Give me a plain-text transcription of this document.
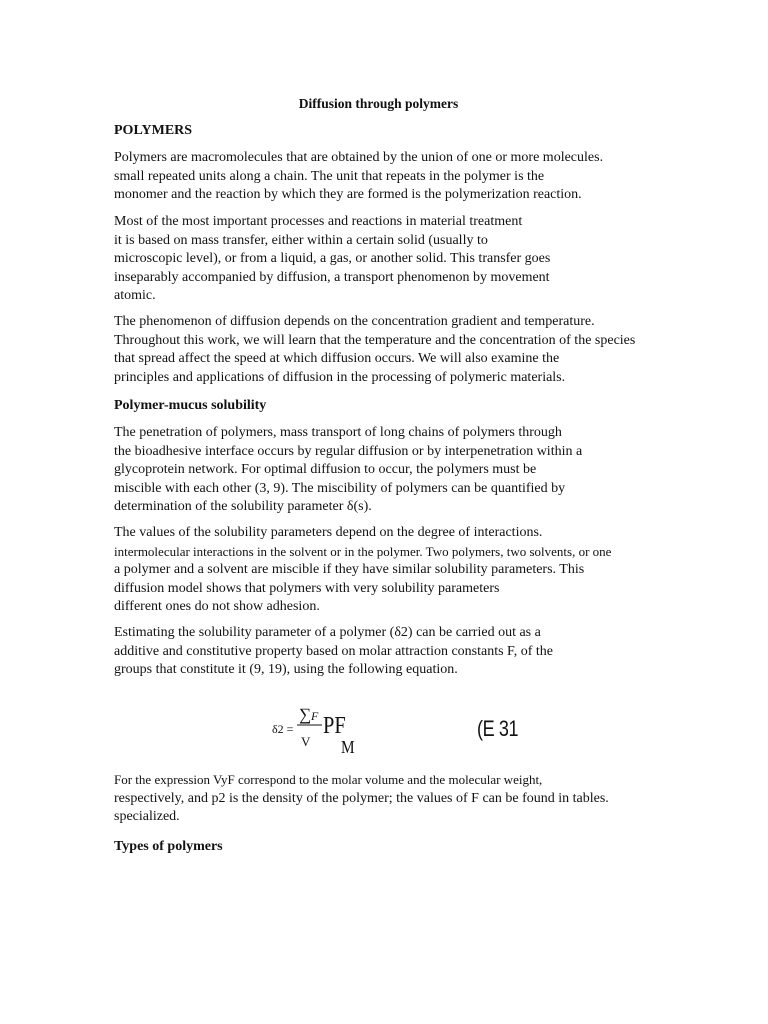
Diffusion through polymers
POLYMERS
Polymers are macromolecules that are obtained by the union of one or more molecules.
small repeated units along a chain. The unit that repeats in the polymer is the
monomer and the reaction by which they are formed is the polymerization reaction.
Most of the most important processes and reactions in material treatment
it is based on mass transfer, either within a certain solid (usually to
microscopic level), or from a liquid, a gas, or another solid. This transfer goes
inseparably accompanied by diffusion, a transport phenomenon by movement
atomic.
The phenomenon of diffusion depends on the concentration gradient and temperature.
Throughout this work, we will learn that the temperature and the concentration of the species
that spread affect the speed at which diffusion occurs. We will also examine the
principles and applications of diffusion in the processing of polymeric materials.
Polymer-mucus solubility
The penetration of polymers, mass transport of long chains of polymers through
the bioadhesive interface occurs by regular diffusion or by interpenetration within a
glycoprotein network. For optimal diffusion to occur, the polymers must be
miscible with each other (3, 9). The miscibility of polymers can be quantified by
determination of the solubility parameter δ(s).
The values of the solubility parameters depend on the degree of interactions.
intermolecular interactions in the solvent or in the polymer. Two polymers, two solvents, or one
a polymer and a solvent are miscible if they have similar solubility parameters. This
diffusion model shows that polymers with very solubility parameters
different ones do not show adhesion.
Estimating the solubility parameter of a polymer (δ2) can be carried out as a
additive and constitutive property based on molar attraction constants F, of the
groups that constitute it (9, 19), using the following equation.
δ2 =
∑ F
V
PF
M
(E 31
For the expression VyF correspond to the molar volume and the molecular weight,
respectively, and p2 is the density of the polymer; the values of F can be found in tables.
specialized.
Types of polymers
